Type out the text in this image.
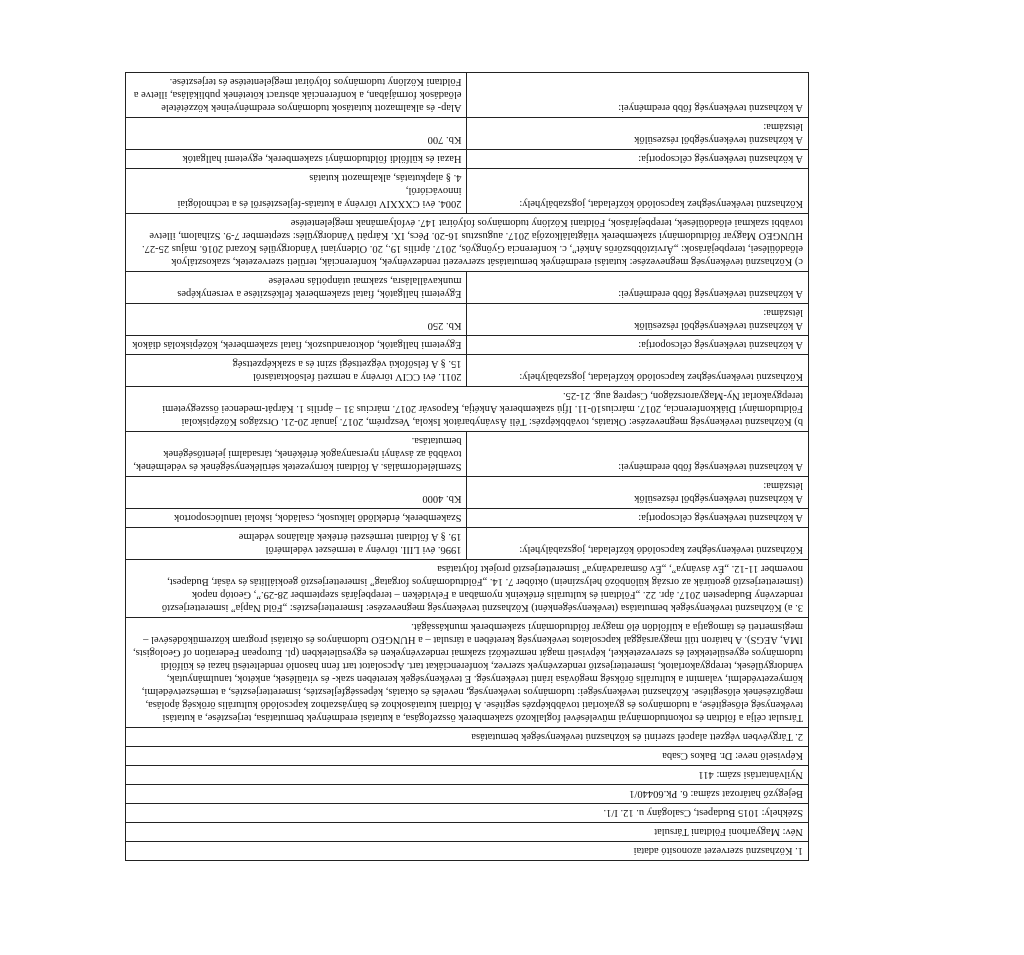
1. Közhasznú szervezet azonosító adatai	
Név: Magyarhoni Földtani Társulat	
Székhely: 1015 Budapest, Csalogány u. 12. I/1.	
Bejegyző határozat száma: 6. Pk.60440/1	
Nyilvántartási szám: 411	
Képviselő neve: Dr. Bakos Csaba	
2. Tárgyévben végzett alapcél szerinti és közhasznú tevékenységek bemutatása	
Társulat célja a földtan és rokontudományai művelésével foglalkozó szakemberek összefogása, a kutatási eredmények bemutatása, terjesztése, a kutatási tevékenység elősegítése, a tudományos és gyakorlati továbbképzés segítése. A földtani kutatásokhoz és bányászathoz kapcsolódó kulturális örökség ápolása, megőrzésének elősegítése. Közhasznú tevékenységei: tudományos tevékenység, nevelés és oktatás, képességfejlesztés, ismeretterjesztés, a természetvédelmi, környezetvédelmi, valamint a kulturális örökség megóvása iránti tevékenység. E tevékenységek keretében szak- és vitaülések, ankétok, tanulmányutak, vándorgyűlések, terepgyakorlatok, ismeretterjesztő rendezvények szervez, konferenciákat tart. Apcsolatot tart fenn hasonló rendeltetésű hazai és külföldi tudományos egyesületekkel és szervezetekkel, képviseli magát nemzetközi szakmai rendezvényeken és egyesületekben (pl. European Federation of Geologists, IMA, AEGS). A határon túli magyarsággal kapcsolatos tevékenység keretében a társulat – a HUNGEO tudományos és oktatási program közreműködésével – megismerteti és támogatja a külföldön élő magyar földtudományi szakemberek munkásságát.	
3. a) Közhasznú tevékenységek bemutatása (tevékenységenként) Közhasznú tevékenység megnevezése: Ismeretterjesztés: „Föld Napja” ismeretterjesztő rendezvény Budapesten 2017. ápr. 22. „Földtani és kulturális értékeink nyomában a Felvidéken – terepbejárás szeptember 28-29.”, Geotóp napok (ismeretterjesztő geotúrák az ország különböző helyszínein) október 7. 14. „Földtudományos forgatag” ismeretterjesztő geokiállítás és vásár, Budapest, november 11-12. „Év ásványa”, „Év ősmaradványa” ismeretterjesztő projekt folytatása	
Közhasznú tevékenységhez kapcsolódó közfeladat, jogszabályhely:	1996. évi LIII. törvény a természet védelméről
19. § A földtani természeti értékek általános védelme

A közhasznú tevékenység célcsoportja:	Szakemberek, érdeklődő laikusok, családok, iskolai tanulócsoportok

A közhasznú tevékenységből részesülők
létszáma:	Kb. 4000
A közhasznú tevékenység főbb eredményei:	Szemléletformálás. A földtani környezetek sérülékenységének és védelmének, továbbá az ásványi nyersanyagok értékének, társadalmi jelentőségének bemutatása.
b) Közhasznú tevékenység megnevezése: Oktatás, továbbképzés: Téli Ásványbarátok Iskola, Veszprém, 2017. január 20-21. Országos Középiskolai Földtudományi Diákkonferencia, 2017. március10-11. Ifjú szakemberek Ankétja, Kaposvár 2017. március 31 – április 1. Kárpát-medencei összegyetemi terepgyakorlat Ny-Magyarországon, Csepreg aug. 21-25.	
Közhasznú tevékenységhez kapcsolódó közfeladat, jogszabályhely:	2011. évi CCIV törvény a nemzeti felsőoktatásról
15. § A felsőfokú végzettségi szint és a szakképzettség

A közhasznú tevékenység célcsoportja:	Egyetemi hallgatók, doktoranduszok, fiatal szakemberek, középiskolás diákok

A közhasznú tevékenységből részesülők
létszáma:	Kb. 250
A közhasznú tevékenység főbb eredményei:	Egyetemi hallgatók, fiatal szakemberek felkészítése a versenyképes munkavállalásra, szakmai utánpótlás nevelése
c) Közhasznú tevékenység megnevezése: kutatási eredmények bemutatását szervezeti rendezvények, konferenciák, területi szervezetek, szakosztályok előadóülései, terepbejárások: „Árvíztöbbszörös Ankét”, c. konferencia Gyöngyös, 2017. április 19., 20. Oldenyiani Vándorgyűlés Kozard 2016. május 25-27. HUNGEO Magyar földtudományi szakemberek világtalálkozója 2017. augusztus 16-20. Pécs, IX. Kárpáti Vándorgyűlés: szeptember 7-9. Szihalom, illetve további szakmai előadóülések, terepbejárások, Földtani Közlöny tudományos folyóirat 147. évfolyamának megjelentetése	
Közhasznú tevékenységhez kapcsolódó közfeladat, jogszabályhely:	2004. évi CXXXIV törvény a kutatás-fejlesztésről és a technológiai innovációról,
4. § alapkutatás, alkalmazott kutatás

A közhasznú tevékenység célcsoportja:	Hazai és külföldi földtudományi szakemberek, egyetemi hallgatók

A közhasznú tevékenységből részesülők
létszáma:	Kb. 700
A közhasznú tevékenység főbb eredményei:	Alap- és alkalmazott kutatások tudományos eredményeinek közzététele előadások formájában, a konferenciák abstract kötetének publikálása, illetve a Földtani Közlöny tudományos folyóirat megjelentetése és terjesztése.
